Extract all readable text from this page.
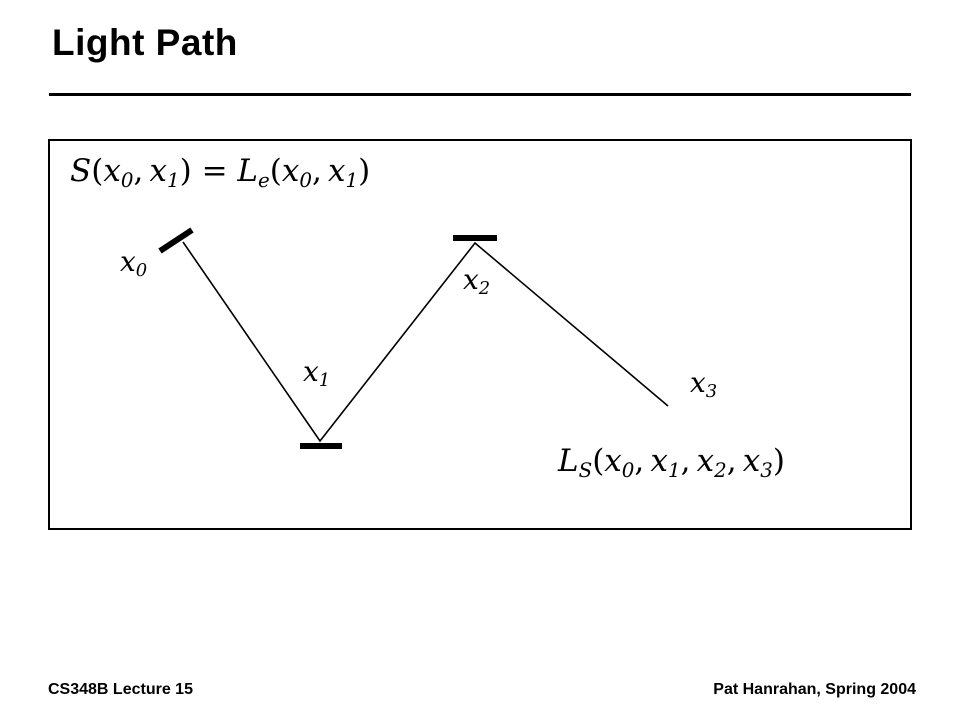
Light Path
$S(x_0$, $x_1) = L_e(x_0$, $x_1$)
$L_S(x_0$, $x_1$, $x_2$, $x_3$)
$x_0$
$x_1$
$x_2$
$x_3$
CS348B Lecture 15	Pat Hanrahan, Spring 2004
